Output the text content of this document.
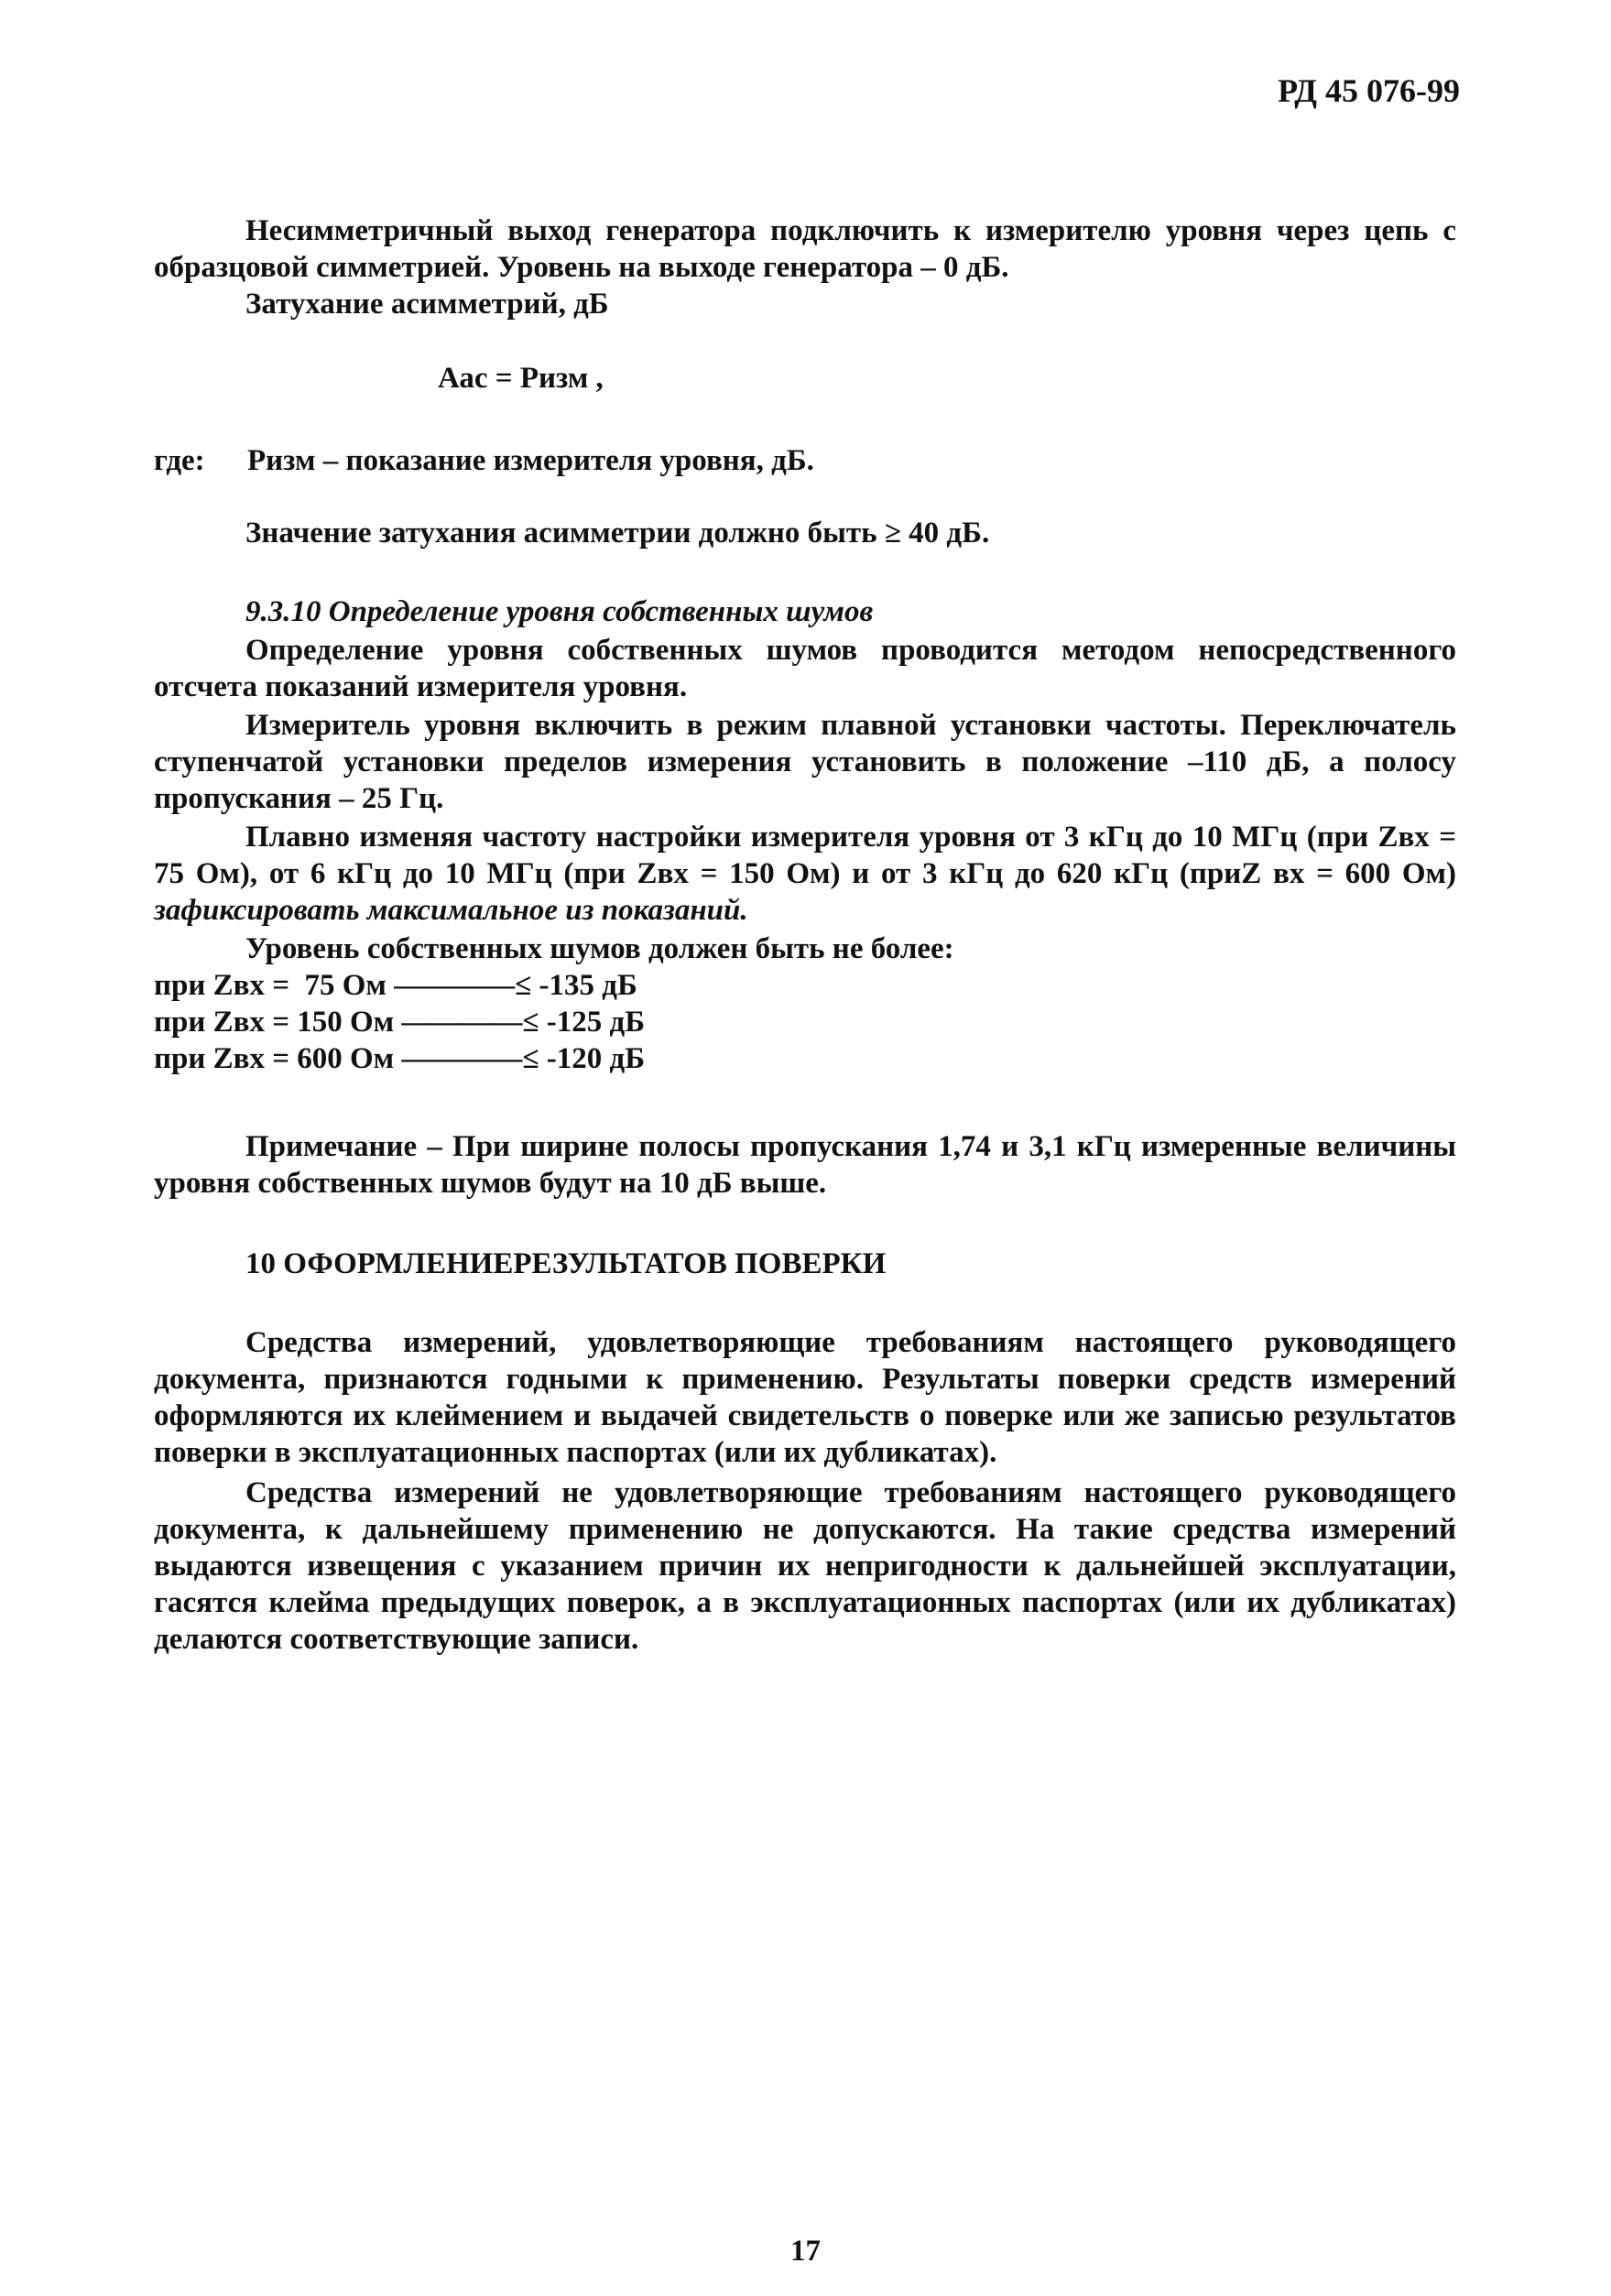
РД 45 076-99
Несимметричный выход генератора подключить к измерителю уровня через цепь с образцовой симметрией. Уровень на выходе генератора – 0 дБ.
Затухание асимметрий, дБ
Аас = Ризм ,
где: Ризм – показание измерителя уровня, дБ.
Значение затухания асимметрии должно быть ≥ 40 дБ.
9.3.10 Определение уровня собственных шумов
Определение уровня собственных шумов проводится методом непосредственного отсчета показаний измерителя уровня.
Измеритель уровня включить в режим плавной установки частоты. Переключатель ступенчатой установки пределов измерения установить в положение –110 дБ, а полосу пропускания – 25 Гц.
Плавно изменяя частоту настройки измерителя уровня от 3 кГц до 10 МГц (при Zвх = 75 Ом), от 6 кГц до 10 МГц (при Zвх = 150 Ом) и от 3 кГц до 620 кГц (приZ вх = 600 Ом) зафиксировать максимальное из показаний.
Уровень собственных шумов должен быть не более:
при Zвх =  75 Ом ————≤ -135 дБ
при Zвх = 150 Ом ————≤ -125 дБ
при Zвх = 600 Ом ————≤ -120 дБ
Примечание – При ширине полосы пропускания 1,74 и 3,1 кГц измеренные величины уровня собственных шумов будут на 10 дБ выше.
10 ОФОРМЛЕНИЕРЕЗУЛЬТАТОВ ПОВЕРКИ
Средства измерений, удовлетворяющие требованиям настоящего руководящего документа, признаются годными к применению. Результаты поверки средств измерений оформляются их клеймением и выдачей свидетельств о поверке или же записью результатов поверки в эксплуатационных паспортах (или их дубликатах).
Средства измерений не удовлетворяющие требованиям настоящего руководящего документа, к дальнейшему применению не допускаются. На такие средства измерений выдаются извещения с указанием причин их непригодности к дальнейшей эксплуатации, гасятся клейма предыдущих поверок, а в эксплуатационных паспортах (или их дубликатах) делаются соответствующие записи.
17
